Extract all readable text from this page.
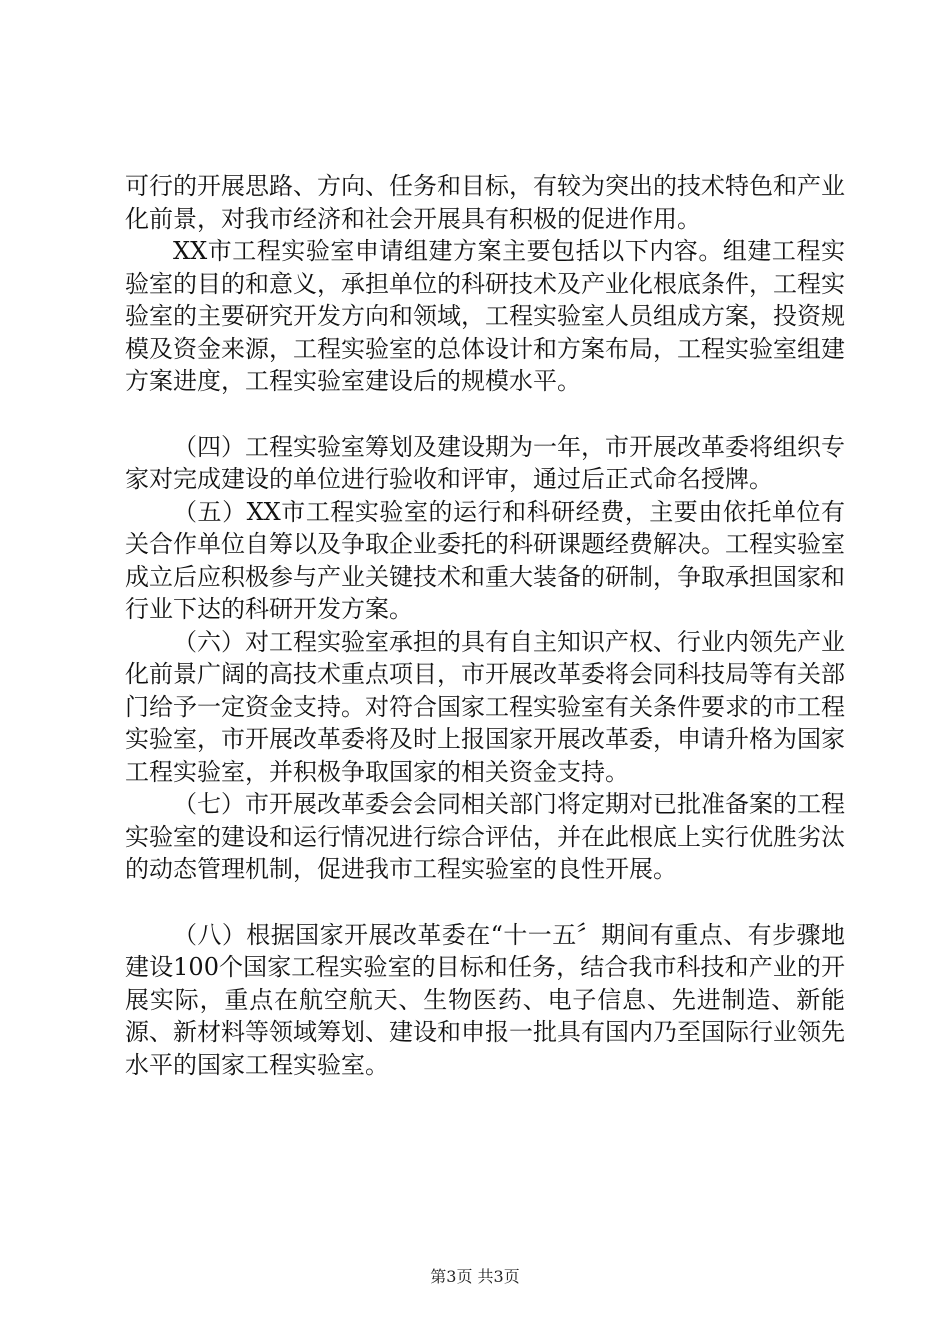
可行的开展思路、方向、任务和目标，有较为突出的技术特色和产业化前景，对我市经济和社会开展具有积极的促进作用。

XX市工程实验室申请组建方案主要包括以下内容。组建工程实验室的目的和意义，承担单位的科研技术及产业化根底条件，工程实验室的主要研究开发方向和领域，工程实验室人员组成方案，投资规模及资金来源，工程实验室的总体设计和方案布局，工程实验室组建方案进度，工程实验室建设后的规模水平。

（四）工程实验室筹划及建设期为一年，市开展改革委将组织专家对完成建设的单位进行验收和评审，通过后正式命名授牌。

（五）XX市工程实验室的运行和科研经费，主要由依托单位有关合作单位自筹以及争取企业委托的科研课题经费解决。工程实验室成立后应积极参与产业关键技术和重大装备的研制，争取承担国家和行业下达的科研开发方案。

（六）对工程实验室承担的具有自主知识产权、行业内领先产业化前景广阔的高技术重点项目，市开展改革委将会同科技局等有关部门给予一定资金支持。对符合国家工程实验室有关条件要求的市工程实验室，市开展改革委将及时上报国家开展改革委，申请升格为国家工程实验室，并积极争取国家的相关资金支持。

（七）市开展改革委会会同相关部门将定期对已批准备案的工程实验室的建设和运行情况进行综合评估，并在此根底上实行优胜劣汰的动态管理机制，促进我市工程实验室的良性开展。

（八）根据国家开展改革委在“十一五〞期间有重点、有步骤地建设100个国家工程实验室的目标和任务，结合我市科技和产业的开展实际，重点在航空航天、生物医药、电子信息、先进制造、新能源、新材料等领域筹划、建设和申报一批具有国内乃至国际行业领先水平的国家工程实验室。

第3页 共3页
